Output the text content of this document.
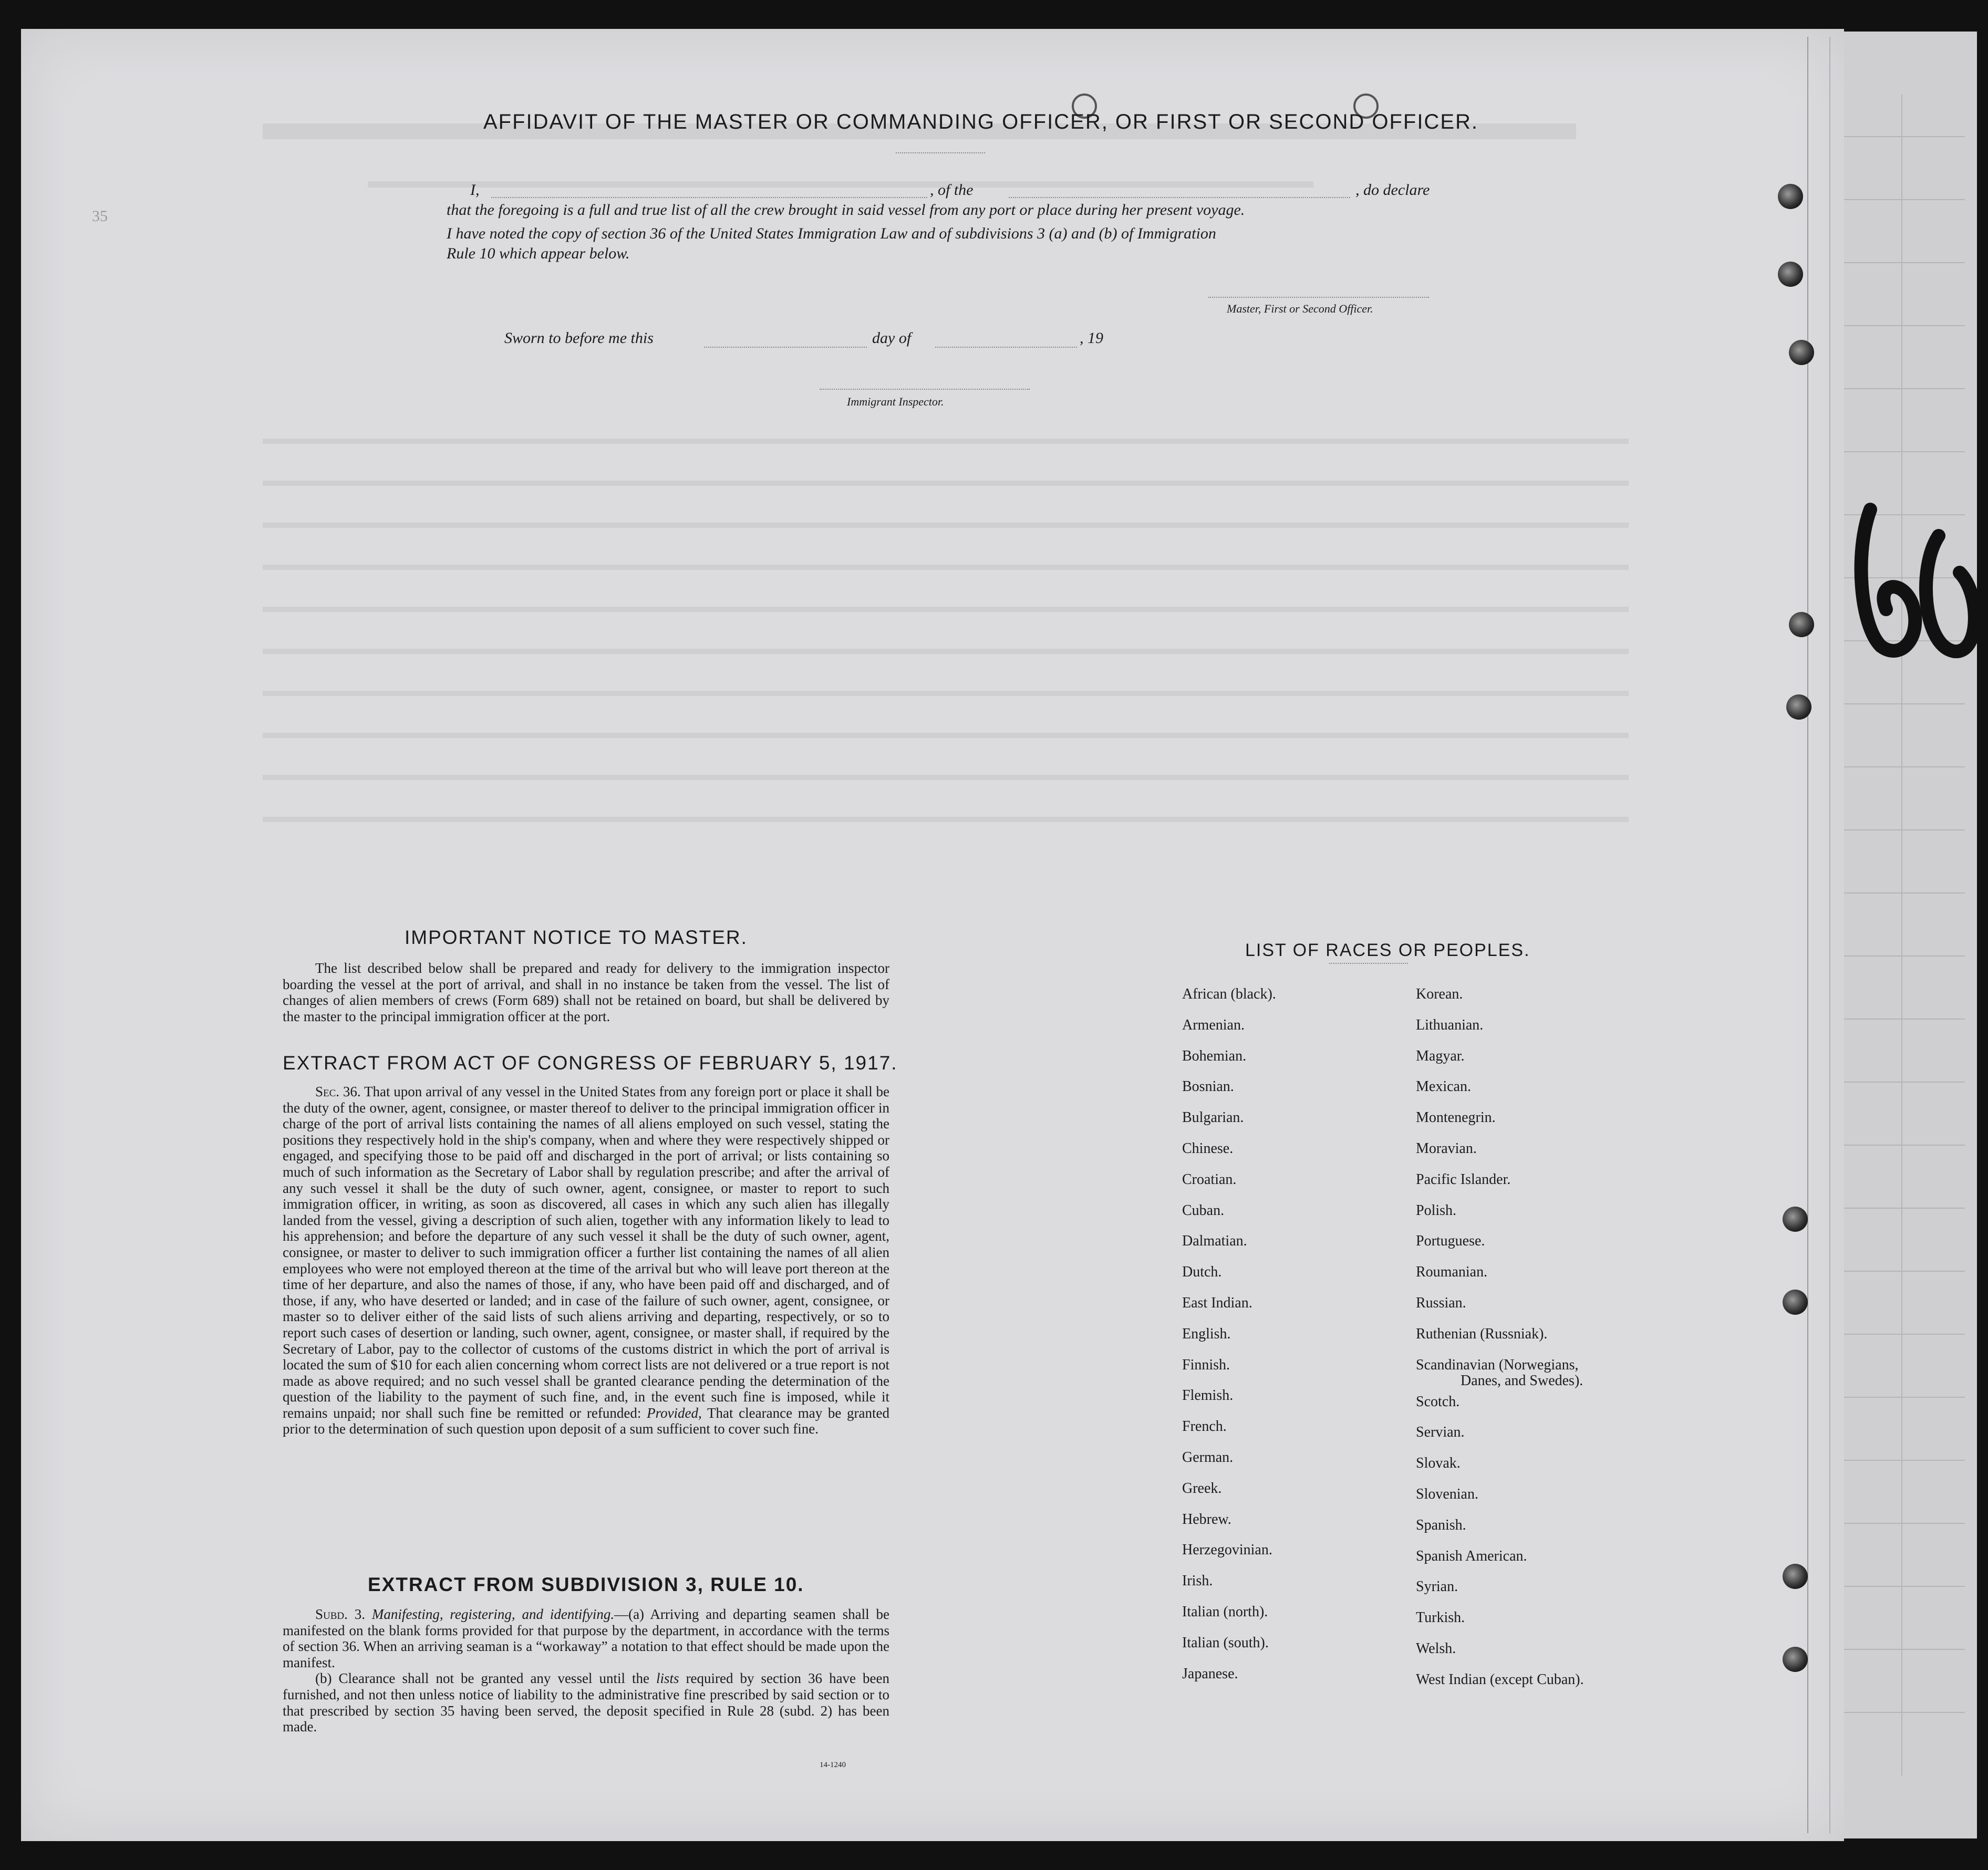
35
AFFIDAVIT OF THE MASTER OR COMMANDING OFFICER, OR FIRST OR SECOND OFFICER.
I,	, of the	, do declare
that the foregoing is a full and true list of all the crew brought in said vessel from any port or place during her present voyage.
I have noted the copy of section 36 of the United States Immigration Law and of subdivisions 3 (a) and (b) of Immigration
Rule 10 which appear below.
Master, First or Second Officer.
Sworn to before me this	day of	, 19
Immigrant Inspector.
IMPORTANT NOTICE TO MASTER.

The list described below shall be prepared and ready for delivery to the immigration inspector boarding the vessel at the port of arrival, and shall in no instance be taken from the vessel. The list of changes of alien members of crews (Form 689) shall not be retained on board, but shall be delivered by the master to the principal immigration officer at the port.

EXTRACT FROM ACT OF CONGRESS OF FEBRUARY 5, 1917.

Sec. 36. That upon arrival of any vessel in the United States from any foreign port or place it shall be the duty of the owner, agent, consignee, or master thereof to deliver to the principal immigration officer in charge of the port of arrival lists containing the names of all aliens employed on such vessel, stating the positions they respectively hold in the ship's company, when and where they were respectively shipped or engaged, and specifying those to be paid off and discharged in the port of arrival; or lists containing so much of such information as the Secretary of Labor shall by regulation prescribe; and after the arrival of any such vessel it shall be the duty of such owner, agent, consignee, or master to report to such immigration officer, in writing, as soon as discovered, all cases in which any such alien has illegally landed from the vessel, giving a description of such alien, together with any information likely to lead to his apprehension; and before the departure of any such vessel it shall be the duty of such owner, agent, consignee, or master to deliver to such immigration officer a further list containing the names of all alien employees who were not employed thereon at the time of the arrival but who will leave port thereon at the time of her departure, and also the names of those, if any, who have been paid off and discharged, and of those, if any, who have deserted or landed; and in case of the failure of such owner, agent, consignee, or master so to deliver either of the said lists of such aliens arriving and departing, respectively, or so to report such cases of desertion or landing, such owner, agent, consignee, or master shall, if required by the Secretary of Labor, pay to the collector of customs of the customs district in which the port of arrival is located the sum of $10 for each alien concerning whom correct lists are not delivered or a true report is not made as above required; and no such vessel shall be granted clearance pending the determination of the question of the liability to the payment of such fine, and, in the event such fine is imposed, while it remains unpaid; nor shall such fine be remitted or refunded: Provided, That clearance may be granted prior to the determination of such question upon deposit of a sum sufficient to cover such fine.

EXTRACT FROM SUBDIVISION 3, RULE 10.

Subd. 3. Manifesting, registering, and identifying.—(a) Arriving and departing seamen shall be manifested on the blank forms provided for that purpose by the department, in accordance with the terms of section 36. When an arriving seaman is a “workaway” a notation to that effect should be made upon the manifest.

(b) Clearance shall not be granted any vessel until the lists required by section 36 have been furnished, and not then unless notice of liability to the administrative fine prescribed by said section or to that prescribed by section 35 having been served, the deposit specified in Rule 28 (subd. 2) has been made.

14-1240
LIST OF RACES OR PEOPLES.
African (black).
Armenian.
Bohemian.
Bosnian.
Bulgarian.
Chinese.
Croatian.
Cuban.
Dalmatian.
Dutch.
East Indian.
English.
Finnish.
Flemish.
French.
German.
Greek.
Hebrew.
Herzegovinian.
Irish.
Italian (north).
Italian (south).
Japanese.
Korean.
Lithuanian.
Magyar.
Mexican.
Montenegrin.
Moravian.
Pacific Islander.
Polish.
Portuguese.
Roumanian.
Russian.
Ruthenian (Russniak).
Scandinavian (Norwegians,
Danes, and Swedes).
Scotch.
Servian.
Slovak.
Slovenian.
Spanish.
Spanish American.
Syrian.
Turkish.
Welsh.
West Indian (except Cuban).
